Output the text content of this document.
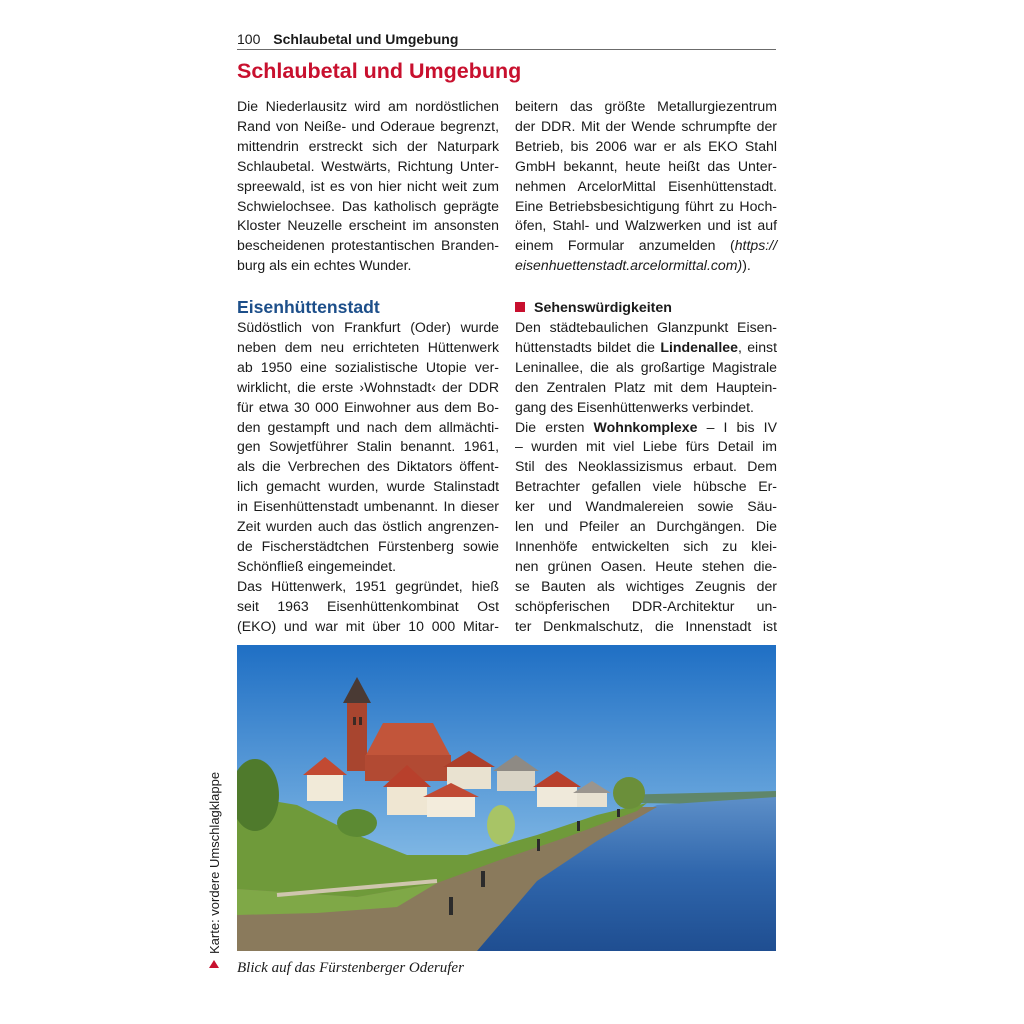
100 Schlaubetal und Umgebung
Schlaubetal und Umgebung

Die Niederlausitz wird am nordöstlichen

Rand von Neiße- und Oderaue begrenzt,

mittendrin erstreckt sich der Naturpark

Schlaubetal. Westwärts, Richtung Unter-

spreewald, ist es von hier nicht weit zum

Schwielochsee. Das katholisch geprägte

Kloster Neuzelle erscheint im ansonsten

bescheidenen protestantischen Branden-

burg als ein echtes Wunder.

beitern das größte Metallurgiezentrum

der DDR. Mit der Wende schrumpfte der

Betrieb, bis 2006 war er als EKO Stahl

GmbH bekannt, heute heißt das Unter-

nehmen ArcelorMittal Eisenhüttenstadt.

Eine Betriebsbesichtigung führt zu Hoch-

öfen, Stahl- und Walzwerken und ist auf

einem Formular anzumelden (https://

eisenhuettenstadt.arcelormittal.com)).

Eisenhüttenstadt

Südöstlich von Frankfurt (Oder) wurde

neben dem neu errichteten Hüttenwerk

ab 1950 eine sozialistische Utopie ver-

wirklicht, die erste ›Wohnstadt‹ der DDR

für etwa 30 000 Einwohner aus dem Bo-

den gestampft und nach dem allmächti-

gen Sowjetführer Stalin benannt. 1961,

als die Verbrechen des Diktators öffent-

lich gemacht wurden, wurde Stalinstadt

in Eisenhüttenstadt umbenannt. In dieser

Zeit wurden auch das östlich angrenzen-

de Fischerstädtchen Fürstenberg sowie

Schönfließ eingemeindet.

Das Hüttenwerk, 1951 gegründet, hieß

seit 1963 Eisenhüttenkombinat Ost

(EKO) und war mit über 10 000 Mitar-

Sehenswürdigkeiten

Den städtebaulichen Glanzpunkt Eisen-

hüttenstadts bildet die Lindenallee, einst

Leninallee, die als großartige Magistrale

den Zentralen Platz mit dem Hauptein-

gang des Eisenhüttenwerks verbindet.

Die ersten Wohnkomplexe – I bis IV

– wurden mit viel Liebe fürs Detail im

Stil des Neoklassizismus erbaut. Dem

Betrachter gefallen viele hübsche Er-

ker und Wandmalereien sowie Säu-

len und Pfeiler an Durchgängen. Die

Innenhöfe entwickelten sich zu klei-

nen grünen Oasen. Heute stehen die-

se Bauten als wichtiges Zeugnis der

schöpferischen DDR-Architektur un-

ter Denkmalschutz, die Innenstadt ist

Blick auf das Fürstenberger Oderufer
Karte: vordere Umschlagklappe
